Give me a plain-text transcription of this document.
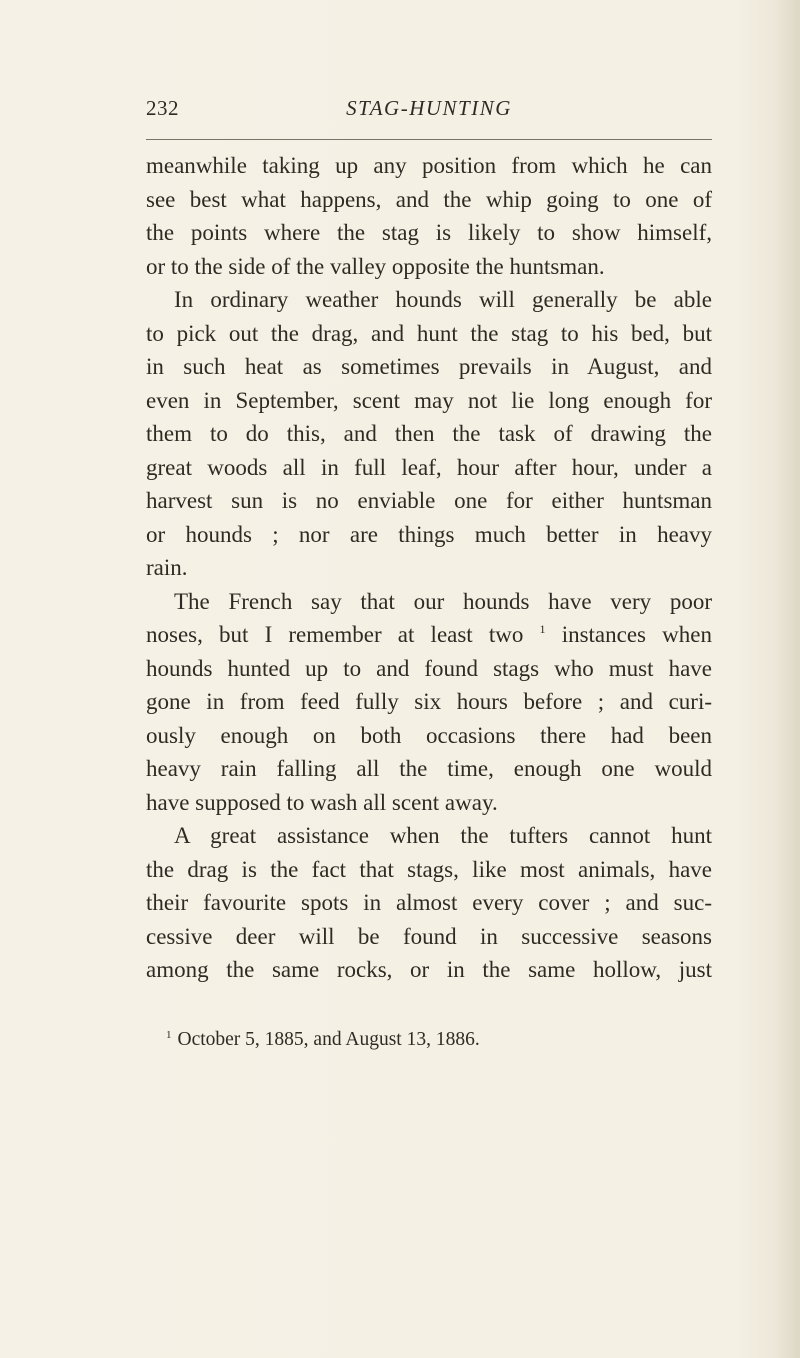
232	STAG-HUNTING
meanwhile taking up any position from which he can
see best what happens, and the whip going to one of
the points where the stag is likely to show himself,
or to the side of the valley opposite the huntsman.
In ordinary weather hounds will generally be able
to pick out the drag, and hunt the stag to his bed, but
in such heat as sometimes prevails in August, and
even in September, scent may not lie long enough for
them to do this, and then the task of drawing the
great woods all in full leaf, hour after hour, under a
harvest sun is no enviable one for either huntsman
or hounds ; nor are things much better in heavy
rain.
The French say that our hounds have very poor
noses, but I remember at least two $^1$ instances when
hounds hunted up to and found stags who must have
gone in from feed fully six hours before ; and curi-
ously enough on both occasions there had been
heavy rain falling all the time, enough one would
have supposed to wash all scent away.
A great assistance when the tufters cannot hunt
the drag is the fact that stags, like most animals, have
their favourite spots in almost every cover ; and suc-
cessive deer will be found in successive seasons
among the same rocks, or in the same hollow, just
$^1$ October 5, 1885, and August 13, 1886.
